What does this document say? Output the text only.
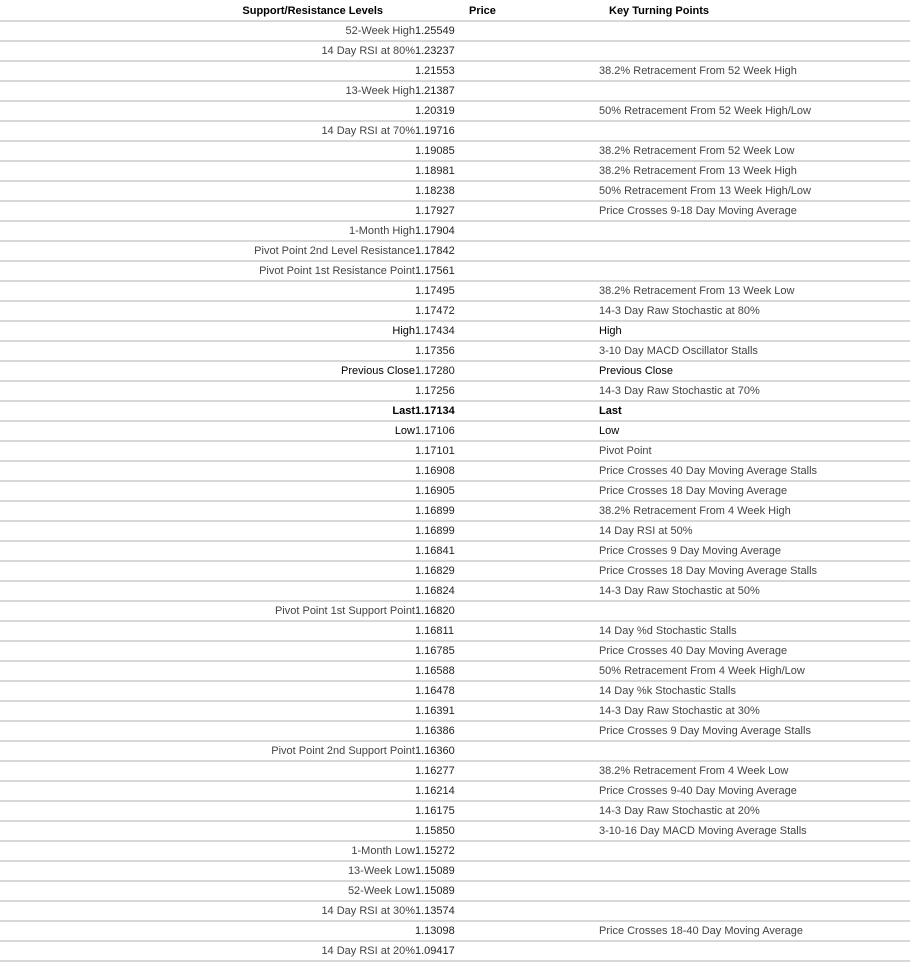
Support/Resistance Levels	Price	Key Turning Points
52-Week High	1.25549	
14 Day RSI at 80%	1.23237	
	1.21553	38.2% Retracement From 52 Week High
13-Week High	1.21387	
	1.20319	50% Retracement From 52 Week High/Low
14 Day RSI at 70%	1.19716	
	1.19085	38.2% Retracement From 52 Week Low
	1.18981	38.2% Retracement From 13 Week High
	1.18238	50% Retracement From 13 Week High/Low
	1.17927	Price Crosses 9-18 Day Moving Average
1-Month High	1.17904	
Pivot Point 2nd Level Resistance	1.17842	
Pivot Point 1st Resistance Point	1.17561	
	1.17495	38.2% Retracement From 13 Week Low
	1.17472	14-3 Day Raw Stochastic at 80%
High	1.17434	High
	1.17356	3-10 Day MACD Oscillator Stalls
Previous Close	1.17280	Previous Close
	1.17256	14-3 Day Raw Stochastic at 70%
Last	1.17134	Last
Low	1.17106	Low
	1.17101	Pivot Point
	1.16908	Price Crosses 40 Day Moving Average Stalls
	1.16905	Price Crosses 18 Day Moving Average
	1.16899	38.2% Retracement From 4 Week High
	1.16899	14 Day RSI at 50%
	1.16841	Price Crosses 9 Day Moving Average
	1.16829	Price Crosses 18 Day Moving Average Stalls
	1.16824	14-3 Day Raw Stochastic at 50%
Pivot Point 1st Support Point	1.16820	
	1.16811	14 Day %d Stochastic Stalls
	1.16785	Price Crosses 40 Day Moving Average
	1.16588	50% Retracement From 4 Week High/Low
	1.16478	14 Day %k Stochastic Stalls
	1.16391	14-3 Day Raw Stochastic at 30%
	1.16386	Price Crosses 9 Day Moving Average Stalls
Pivot Point 2nd Support Point	1.16360	
	1.16277	38.2% Retracement From 4 Week Low
	1.16214	Price Crosses 9-40 Day Moving Average
	1.16175	14-3 Day Raw Stochastic at 20%
	1.15850	3-10-16 Day MACD Moving Average Stalls
1-Month Low	1.15272	
13-Week Low	1.15089	
52-Week Low	1.15089	
14 Day RSI at 30%	1.13574	
	1.13098	Price Crosses 18-40 Day Moving Average
14 Day RSI at 20%	1.09417	
